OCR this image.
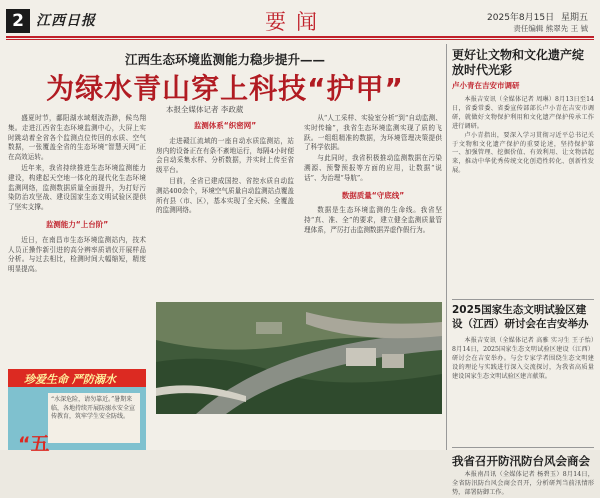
2 江西日报	要闻	2025年8月15日 星期五
责任编辑 熊翠先 王 钺
江西生态环境监测能力稳步提升——
为绿水青山穿上科技“护甲”
本报全媒体记者 李政葳

盛夏时节，鄱阳湖水域烟波浩渺，候鸟翔集。走进江西省生态环境监测中心，大屏上实时跳动着全省各个监测点位传回的水质、空气数据，一张覆盖全省的生态环境“智慧天网”正在高效运转。

近年来，我省持续推进生态环境监测能力建设，构建起天空地一体化的现代化生态环境监测网络，监测数据质量全面提升，为打好污染防治攻坚战、建设国家生态文明试验区提供了坚实支撑。

监测能力“上台阶”

近日，在南昌市生态环境监测站内，技术人员正操作新引进的高分辨率质谱仪开展样品分析。与过去相比，检测时间大幅缩短，精度明显提高。

监测体系“织密网”

走进赣江流域的一座自动水质监测站，站房内的设备正在有条不紊地运行，每隔4小时便会自动采集水样、分析数据，并实时上传至省级平台。

目前，全省已建成国控、省控水质自动监测站400余个，环境空气质量自动监测站点覆盖所有县（市、区），基本实现了全天候、全覆盖的监测网络。

从“人工采样、实验室分析”到“自动监测、实时传输”，我省生态环境监测实现了质的飞跃。一组组精准的数据，为环境管理决策提供了科学依据。

与此同时，我省积极推动监测数据在污染溯源、预警预报等方面的应用，让数据“说话”、为治理“导航”。

数据质量“守底线”

数据是生态环境监测的生命线。我省坚持“真、准、全”的要求，建立健全监测质量管理体系，严厉打击监测数据弄虚作假行为。

珍爱生命 严防溺水
“水深危险，请勿靠近。”暑期来临，各地持续开展防溺水安全宣传教育，筑牢学生安全防线。
“五
更好让文物和文化遗产绽放时代光彩
卢小青在吉安市调研

本报吉安讯（全媒体记者 周琳）8月13日至14日，省委常委、省委宣传部部长卢小青在吉安市调研，就做好文物保护利用和文化遗产保护传承工作进行调研。

卢小青指出，要深入学习贯彻习近平总书记关于文物和文化遗产保护的重要论述，坚持保护第一、加强管理、挖掘价值、有效利用、让文物活起来，推动中华优秀传统文化创造性转化、创新性发展。

2025国家生态文明试验区建设（江西）研讨会在吉安举办

本报吉安讯（全媒体记者 高雅 实习生 王子怡）8月14日，2025国家生态文明试验区建设（江西）研讨会在吉安举办。与会专家学者围绕生态文明建设的理论与实践进行深入交流探讨，为我省高质量建设国家生态文明试验区建言献策。

我省召开防汛防台风会商会

本报南昌讯（全媒体记者 杨碧玉）8月14日，全省防汛防台风会商会召开，分析研判当前汛情形势，部署防御工作。
